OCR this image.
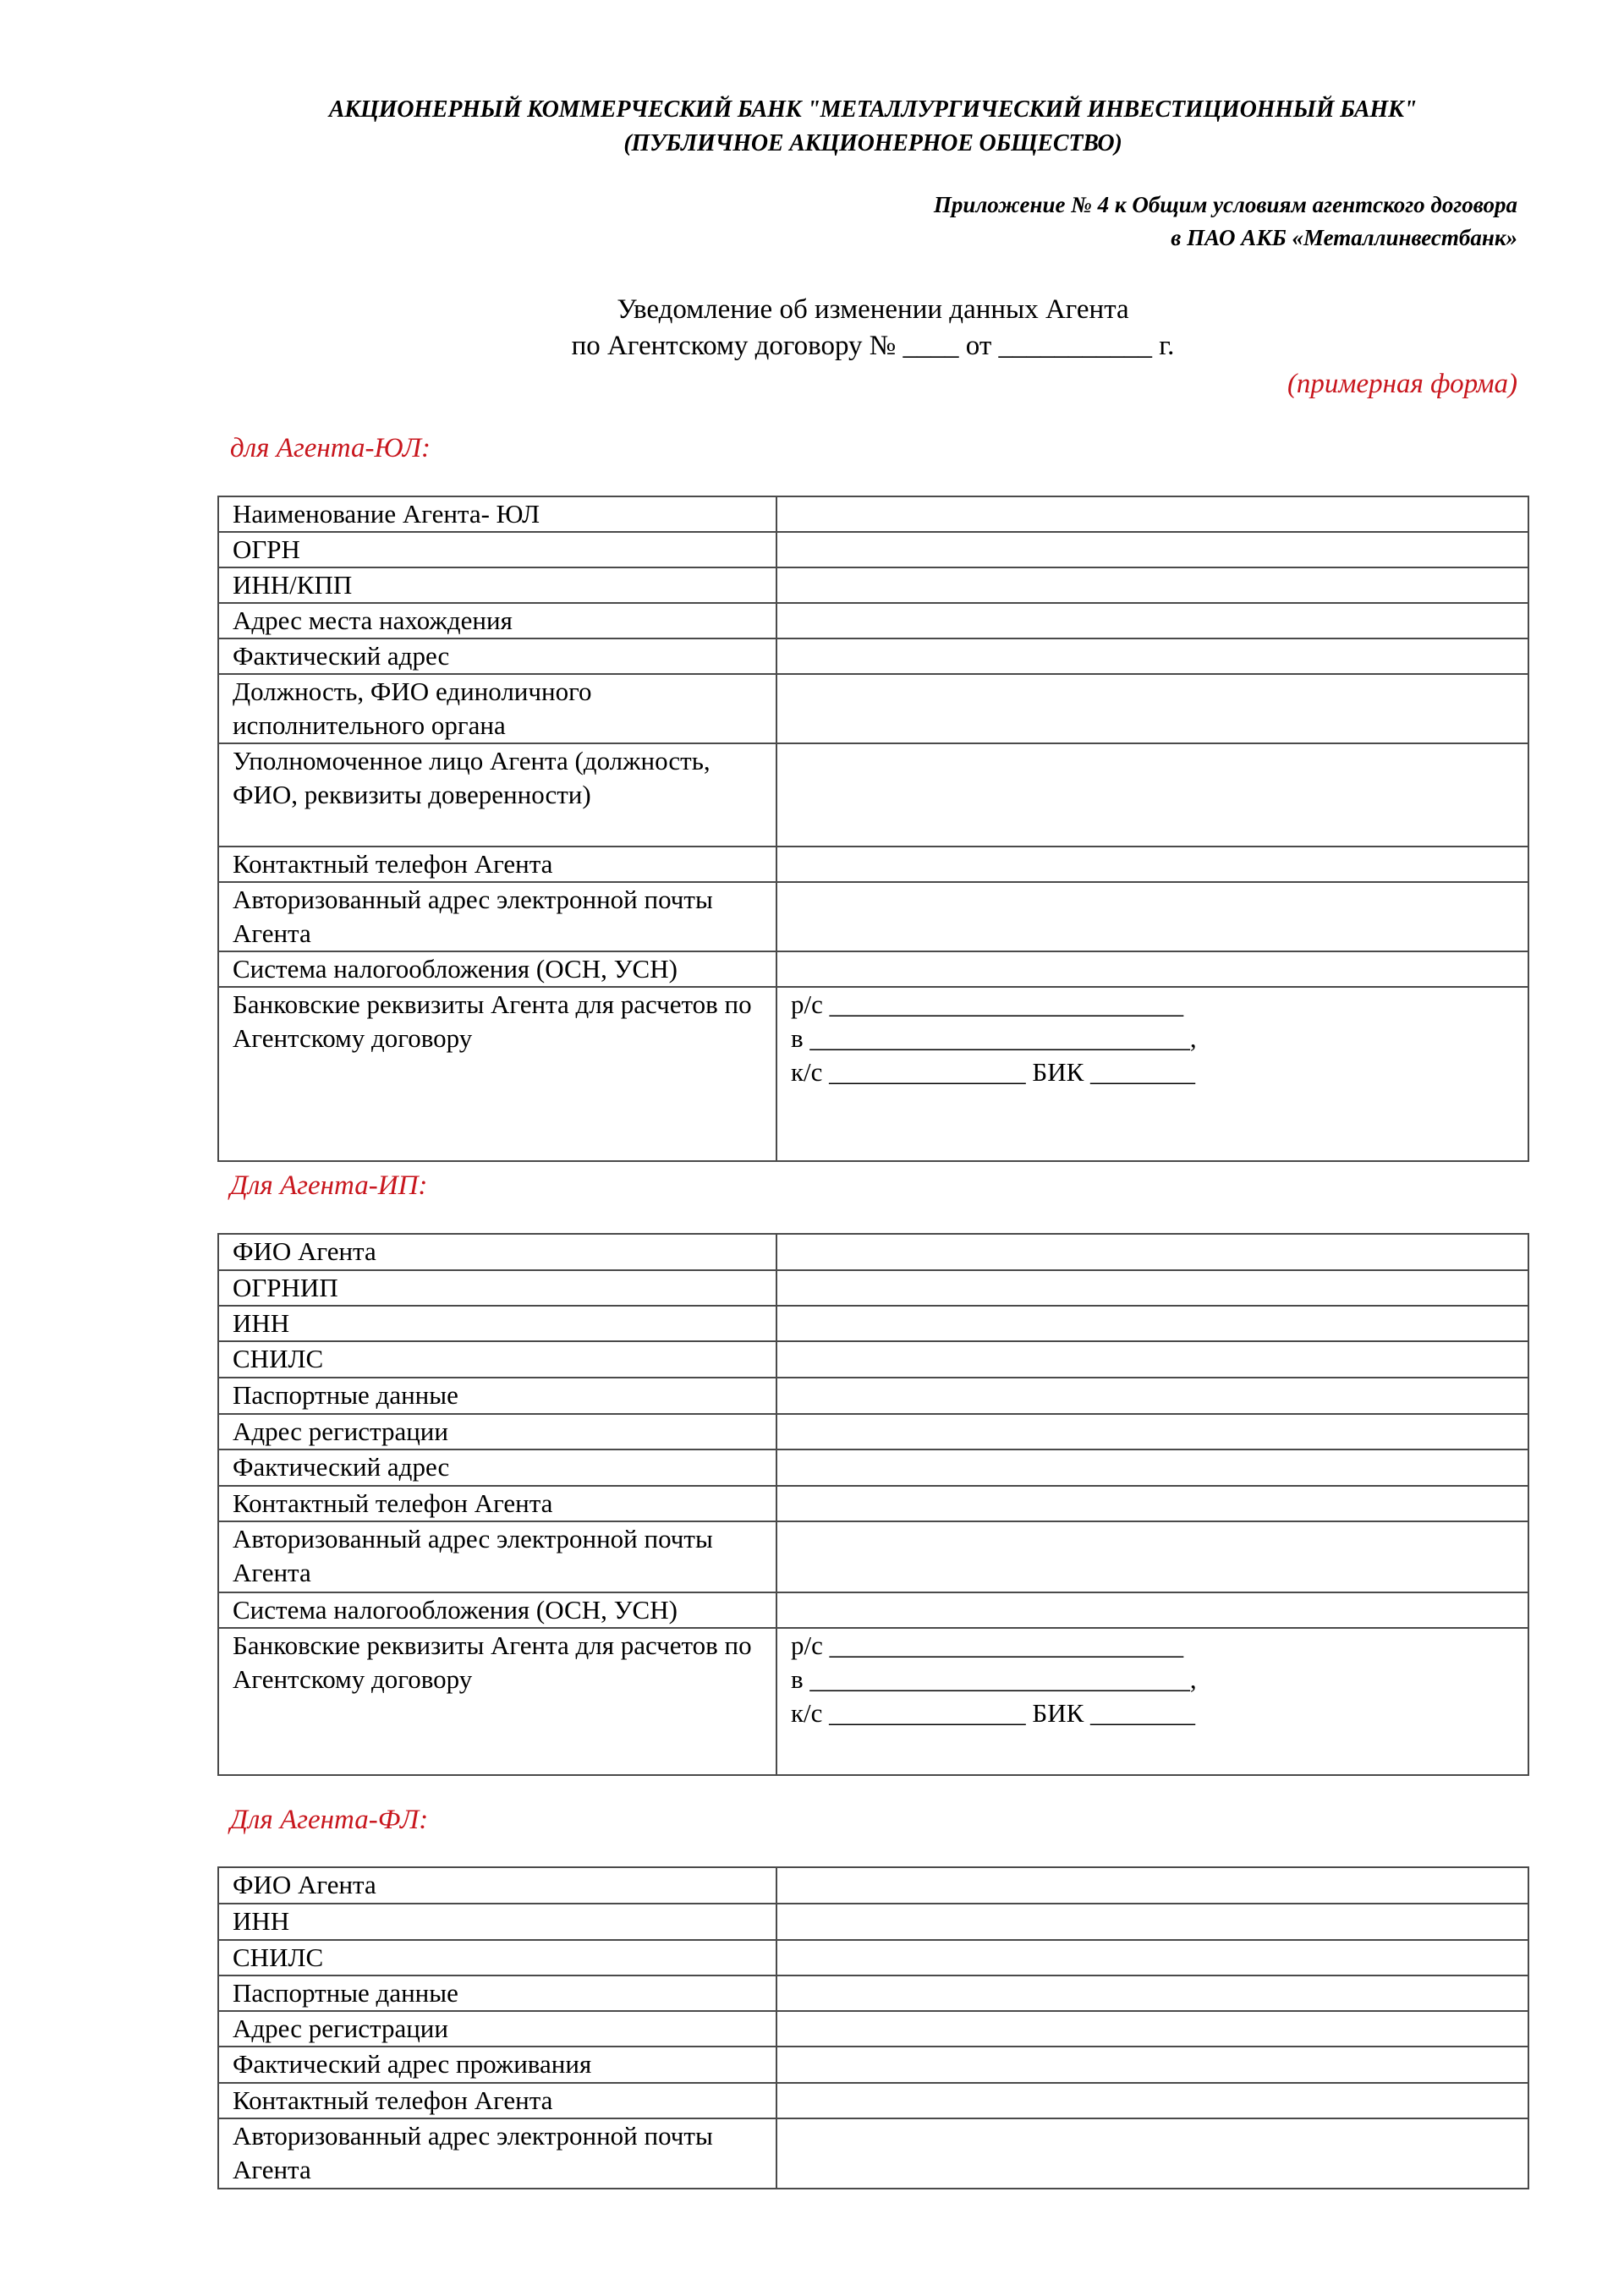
АКЦИОНЕРНЫЙ КОММЕРЧЕСКИЙ БАНК "МЕТАЛЛУРГИЧЕСКИЙ ИНВЕСТИЦИОННЫЙ БАНК"
(ПУБЛИЧНОЕ АКЦИОНЕРНОЕ ОБЩЕСТВО)
Приложение № 4 к Общим условиям агентского договора
в ПАО АКБ «Металлинвестбанк»
Уведомление об изменении данных Агента
по Агентскому договору № ____ от ___________ г.
(примерная форма)
для Агента-ЮЛ:
Наименование Агента- ЮЛ	
ОГРН	
ИНН/КПП	
Адрес места нахождения	
Фактический адрес	
Должность, ФИО единоличного исполнительного органа	
Уполномоченное лицо Агента (должность, ФИО, реквизиты доверенности)	
Контактный телефон Агента	
Авторизованный адрес электронной почты Агента	
Система налогообложения (ОСН, УСН)	
Банковские реквизиты Агента для расчетов по Агентскому договору	р/с ___________________________
в _____________________________,
к/с _______________ БИК ________
Для Агента-ИП:
ФИО Агента	
ОГРНИП	
ИНН	
СНИЛС	
Паспортные данные	
Адрес регистрации	
Фактический адрес	
Контактный телефон Агента	
Авторизованный адрес электронной почты Агента	
Система налогообложения (ОСН, УСН)	
Банковские реквизиты Агента для расчетов по Агентскому договору	р/с ___________________________
в _____________________________,
к/с _______________ БИК ________
Для Агента-ФЛ:
ФИО Агента	
ИНН	
СНИЛС	
Паспортные данные	
Адрес регистрации	
Фактический адрес проживания	
Контактный телефон Агента	
Авторизованный адрес электронной почты Агента	
